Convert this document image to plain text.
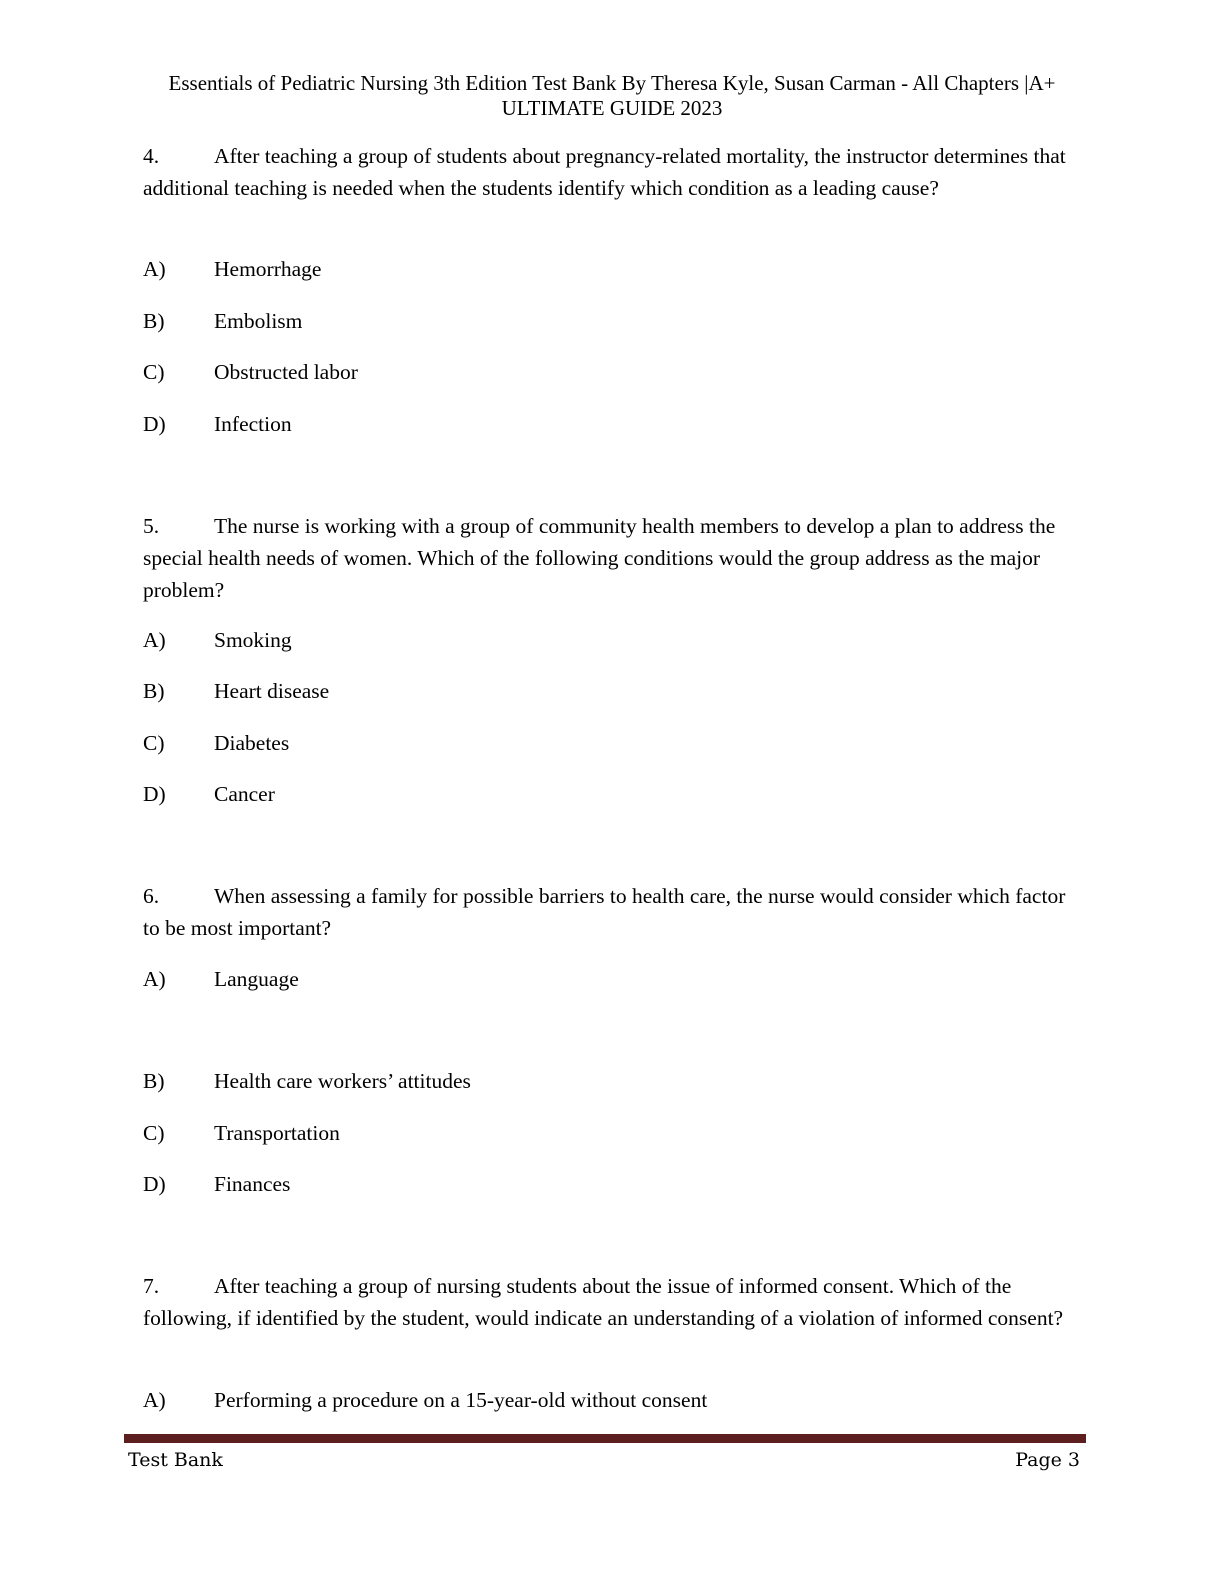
Essentials of Pediatric Nursing 3th Edition Test Bank By Theresa Kyle, Susan Carman - All Chapters |A+
ULTIMATE GUIDE 2023
4.	After teaching a group of students about pregnancy-related mortality, the instructor determines that additional teaching is needed when the students identify which condition as a leading cause?
A) Hemorrhage
B) Embolism
C) Obstructed labor
D) Infection
5.	The nurse is working with a group of community health members to develop a plan to address the special health needs of women. Which of the following conditions would the group address as the major problem?
A) Smoking
B) Heart disease
C) Diabetes
D) Cancer
6.	When assessing a family for possible barriers to health care, the nurse would consider which factor to be most important?
A) Language
B) Health care workers’ attitudes
C) Transportation
D) Finances
7.	After teaching a group of nursing students about the issue of informed consent. Which of the following, if identified by the student, would indicate an understanding of a violation of informed consent?
A) Performing a procedure on a 15-year-old without consent
Test Bank	Page 3
